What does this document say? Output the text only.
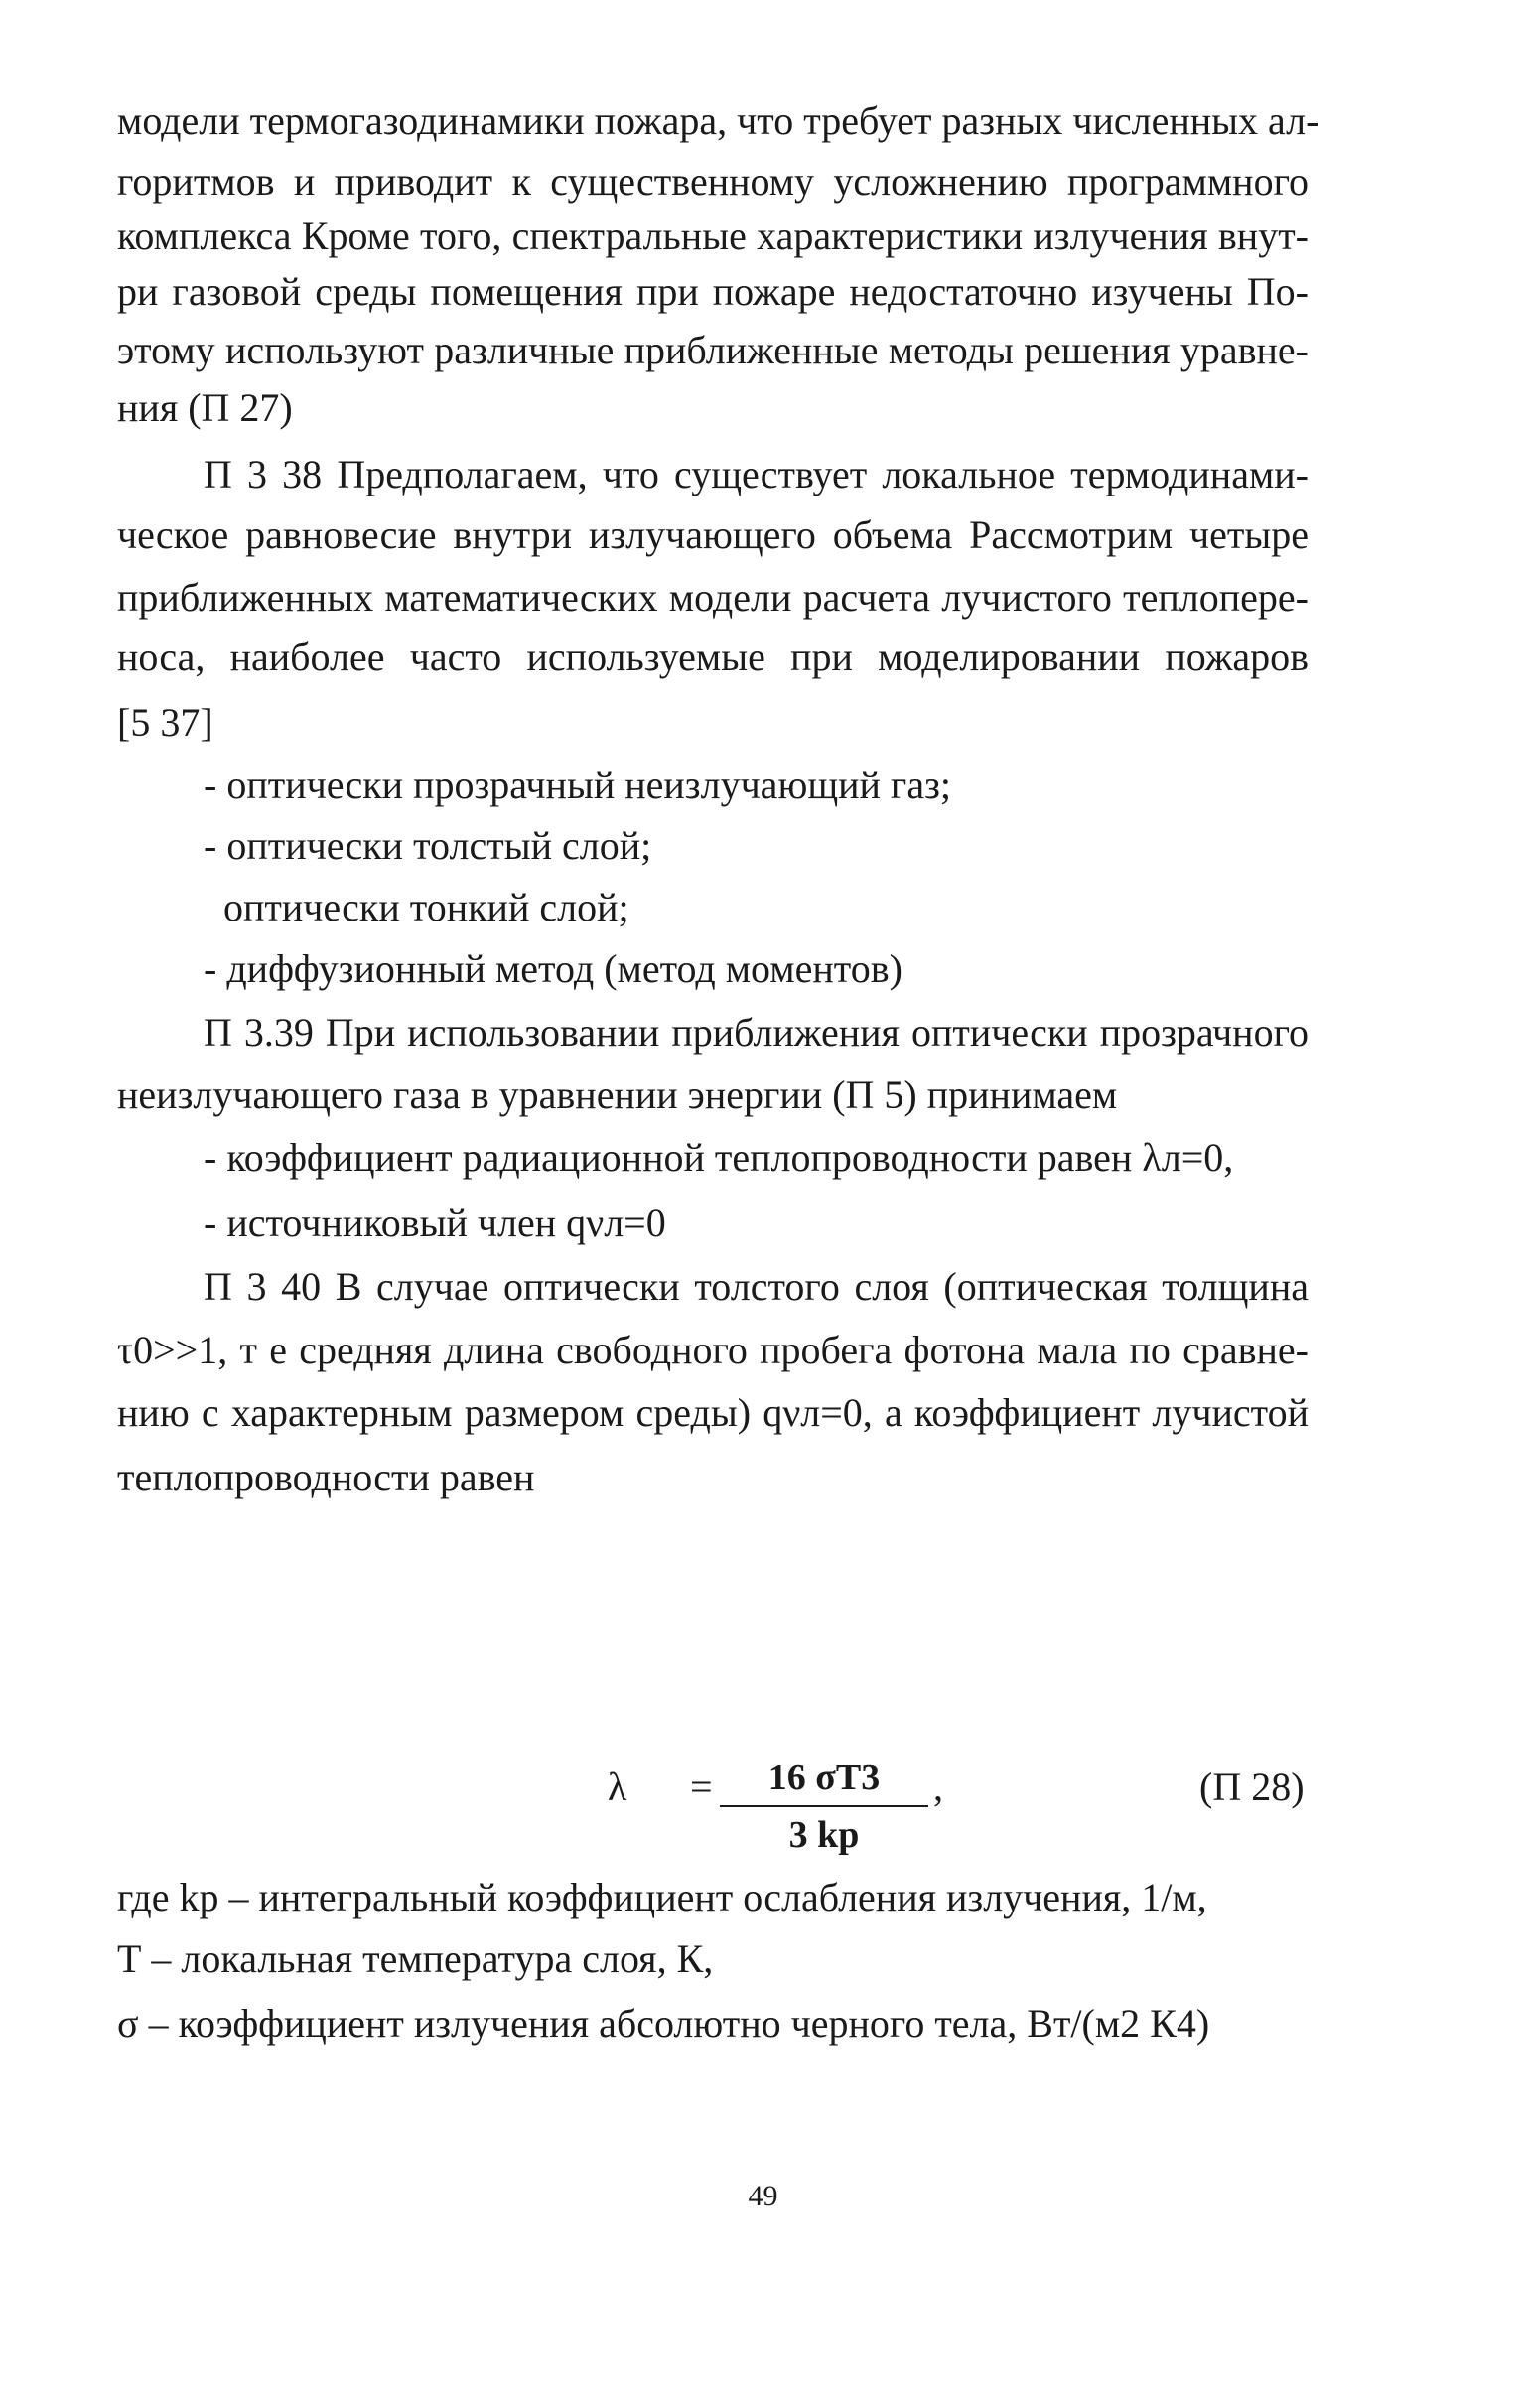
модели термогазодинамики пожара, что требует разных численных ал-
горитмов и приводит к существенному усложнению программного
комплекса Кроме того, спектральные характеристики излучения внут-
ри газовой среды помещения при пожаре недостаточно изучены По-
этому используют различные приближенные методы решения уравне-
ния (П 27)
П 3 38 Предполагаем, что существует локальное термодинами-
ческое равновесие внутри излучающего объема Рассмотрим четыре
приближенных математических модели расчета лучистого теплопере-
носа, наиболее часто используемые при моделировании пожаров
[5 37]
- оптически прозрачный неизлучающий газ;
- оптически толстый слой;
оптически тонкий слой;
- диффузионный метод (метод моментов)
П 3.39 При использовании приближения оптически прозрачного
неизлучающего газа в уравнении энергии (П 5) принимаем
- коэффициент радиационной теплопроводности равен λл=0,
- источниковый член qνл=0
П 3 40 В случае оптически толстого слоя (оптическая толщина
τ0>>1, т е средняя длина свободного пробега фотона мала по сравне-
нию с характерным размером среды) qνл=0, а коэффициент лучистой
теплопроводности равен
λ =	16 σT3
3 kр
,	(П 28)
где kр – интегральный коэффициент ослабления излучения, 1/м,
Т – локальная температура слоя, К,
σ – коэффициент излучения абсолютно черного тела, Вт/(м2 К4)
49
